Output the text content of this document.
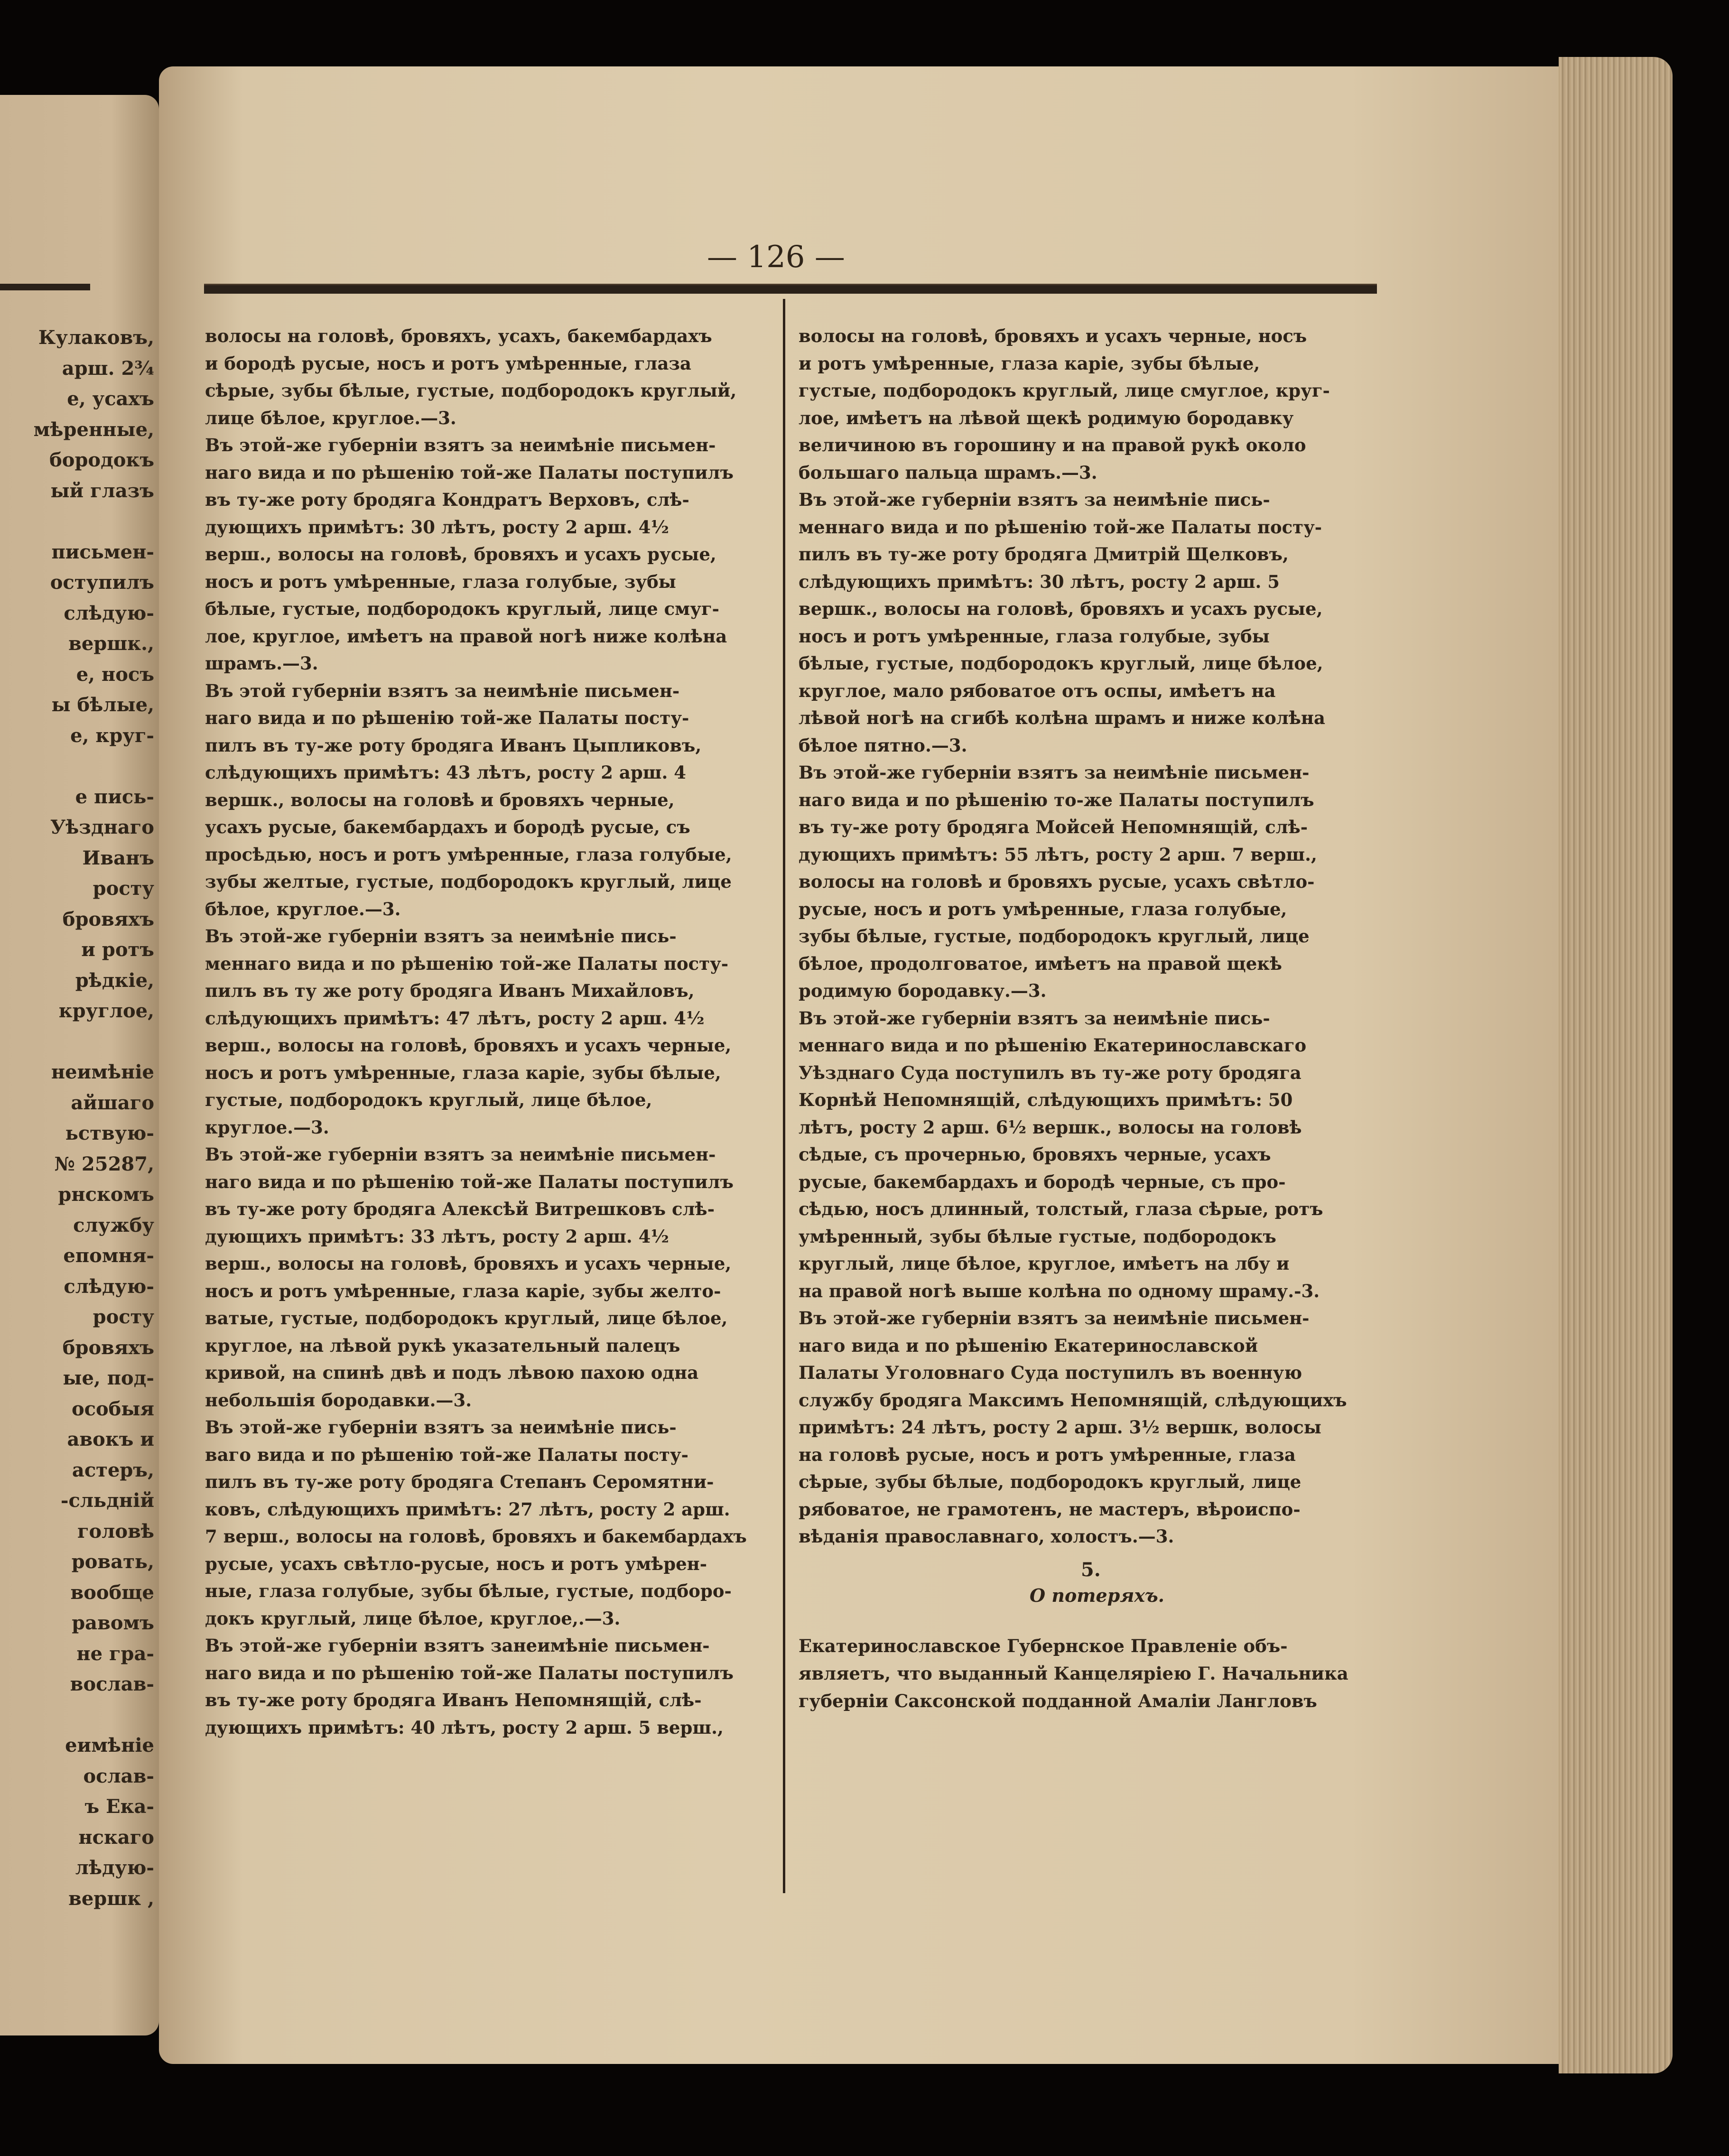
Кулаковъ,
арш. 2¾
е, усахъ
мѣренные,
бородокъ
ый глазъ

письмен-
оступилъ
слѣдую-
вершк.,
е, носъ
ы бѣлые,
е, круг-

е пись-
Уѣзднаго
Иванъ
росту
бровяхъ
и ротъ
рѣдкіе,
круглое,

неимѣніе
айшаго
ьствую-
№ 25287,
рнскомъ
службу
епомня-
слѣдую-
роcту
бровяхъ
ые, под-
особыя
авокъ и
астеръ,
-сльдній
головѣ
ровать,
вообще
равомъ
не гра-
вослав-

еимѣніе
ослав-
ъ Ека-
нскаго
лѣдую-
вершк ,
— 126 —
волосы на головѣ, бровяхъ, усахъ, бакембардахъ
и бородѣ русые, носъ и ротъ умѣренные, глаза
сѣрые, зубы бѣлые, густые, подбородокъ круглый,
лице бѣлое, круглое.—3.
Въ этой-же губерніи взятъ за неимѣніе письмен-
наго вида и по рѣшенію той-же Палаты поступилъ
въ ту-же роту бродяга Кондратъ Верховъ, слѣ-
дующихъ примѣтъ: 30 лѣтъ, росту 2 арш. 4½
верш., волосы на головѣ, бровяхъ и усахъ русые,
носъ и ротъ умѣренные, глаза голубые, зубы
бѣлые, густые, подбородокъ круглый, лице смуг-
лое, круглое, имѣетъ на правой ногѣ ниже колѣна
шрамъ.—3.
Въ этой губерніи взятъ за неимѣніе письмен-
наго вида и по рѣшенію той-же Палаты посту-
пилъ въ ту-же роту бродяга Иванъ Цыпликовъ,
слѣдующихъ примѣтъ: 43 лѣтъ, росту 2 арш. 4
вершк., волосы на головѣ и бровяхъ черные,
усахъ русые, бакембардахъ и бородѣ русые, съ
просѣдью, носъ и ротъ умѣренные, глаза голубые,
зубы желтые, густые, подбородокъ круглый, лице
бѣлое, круглое.—3.
Въ этой-же губерніи взятъ за неимѣніе пись-
меннаго вида и по рѣшенію той-же Палаты посту-
пилъ въ ту же роту бродяга Иванъ Михайловъ,
слѣдующихъ примѣтъ: 47 лѣтъ, росту 2 арш. 4½
верш., волосы на головѣ, бровяхъ и усахъ черные,
носъ и ротъ умѣренные, глаза каріе, зубы бѣлые,
густые, подбородокъ круглый, лице бѣлое,
круглое.—3.
Въ этой-же губерніи взятъ за неимѣніе письмен-
наго вида и по рѣшенію той-же Палаты поступилъ
въ ту-же роту бродяга Алексѣй Витрешковъ слѣ-
дующихъ примѣтъ: 33 лѣтъ, росту 2 арш. 4½
верш., волосы на головѣ, бровяхъ и усахъ черные,
носъ и ротъ умѣренные, глаза каріе, зубы желто-
ватые, густые, подбородокъ круглый, лице бѣлое,
круглое, на лѣвой рукѣ указательный палецъ
кривой, на спинѣ двѣ и подъ лѣвою пахою одна
небольшія бородавки.—3.
Въ этой-же губерніи взятъ за неимѣніе пись-
ваго вида и по рѣшенію той-же Палаты посту-
пилъ въ ту-же роту бродяга Степанъ Серомятни-
ковъ, слѣдующихъ примѣтъ: 27 лѣтъ, росту 2 арш.
7 верш., волосы на головѣ, бровяхъ и бакембардахъ
русые, усахъ свѣтло-русые, носъ и ротъ умѣрен-
ные, глаза голубые, зубы бѣлые, густые, подборо-
докъ круглый, лице бѣлое, круглое,.—3.
Въ этой-же губерніи взятъ занеимѣніе письмен-
наго вида и по рѣшенію той-же Палаты поступилъ
въ ту-же роту бродяга Иванъ Непомнящій, слѣ-
дующихъ примѣтъ: 40 лѣтъ, росту 2 арш. 5 верш.,
волосы на головѣ, бровяхъ и усахъ черные, носъ
и ротъ умѣренные, глаза каріе, зубы бѣлые,
густые, подбородокъ круглый, лице смуглое, круг-
лое, имѣетъ на лѣвой щекѣ родимую бородавку
величиною въ горошину и на правой рукѣ около
большаго пальца шрамъ.—3.
Въ этой-же губерніи взятъ за неимѣніе пись-
меннаго вида и по рѣшенію той-же Палаты посту-
пилъ въ ту-же роту бродяга Дмитрій Щелковъ,
слѣдующихъ примѣтъ: 30 лѣтъ, росту 2 арш. 5
вершк., волосы на головѣ, бровяхъ и усахъ русые,
носъ и ротъ умѣренные, глаза голубые, зубы
бѣлые, густые, подбородокъ круглый, лице бѣлое,
круглое, мало рябоватое отъ оспы, имѣетъ на
лѣвой ногѣ на сгибѣ колѣна шрамъ и ниже колѣна
бѣлое пятно.—3.
Въ этой-же губерніи взятъ за неимѣніе письмен-
наго вида и по рѣшенію то-же Палаты поступилъ
въ ту-же роту бродяга Мойсей Непомнящій, слѣ-
дующихъ примѣтъ: 55 лѣтъ, росту 2 арш. 7 верш.,
волосы на головѣ и бровяхъ русые, усахъ свѣтло-
русые, носъ и ротъ умѣренные, глаза голубые,
зубы бѣлые, густые, подбородокъ круглый, лице
бѣлое, продолговатое, имѣетъ на правой щекѣ
родимую бородавку.—3.
Въ этой-же губерніи взятъ за неимѣніе пись-
меннаго вида и по рѣшенію Екатеринославскаго
Уѣзднаго Суда поступилъ въ ту-же роту бродяга
Корнѣй Непомнящій, слѣдующихъ примѣтъ: 50
лѣтъ, росту 2 арш. 6½ вершк., волосы на головѣ
сѣдые, съ прочернью, бровяхъ черные, усахъ
русые, бакембардахъ и бородѣ черные, съ про-
сѣдью, носъ длинный, толстый, глаза сѣрые, ротъ
умѣренный, зубы бѣлые густые, подбородокъ
круглый, лице бѣлое, круглое, имѣетъ на лбу и
на правой ногѣ выше колѣна по одному шраму.-3.
Въ этой-же губерніи взятъ за неимѣніе письмен-
наго вида и по рѣшенію Екатеринославской
Палаты Уголовнаго Суда поступилъ въ военную
службу бродяга Максимъ Непомнящій, слѣдующихъ
примѣтъ: 24 лѣтъ, росту 2 арш. 3½ вершк, волосы
на головѣ русые, носъ и ротъ умѣренные, глаза
сѣрые, зубы бѣлые, подбородокъ круглый, лице
рябоватое, не грамотенъ, не мастеръ, вѣроиспо-
вѣданія православнаго, холостъ.—3.
5.
О потеряхъ.
Екатеринославское Губернское Правленіе объ-
являетъ, что выданный Канцеляріею Г. Начальника
губерніи Саксонской подданной Амаліи Лангловъ
